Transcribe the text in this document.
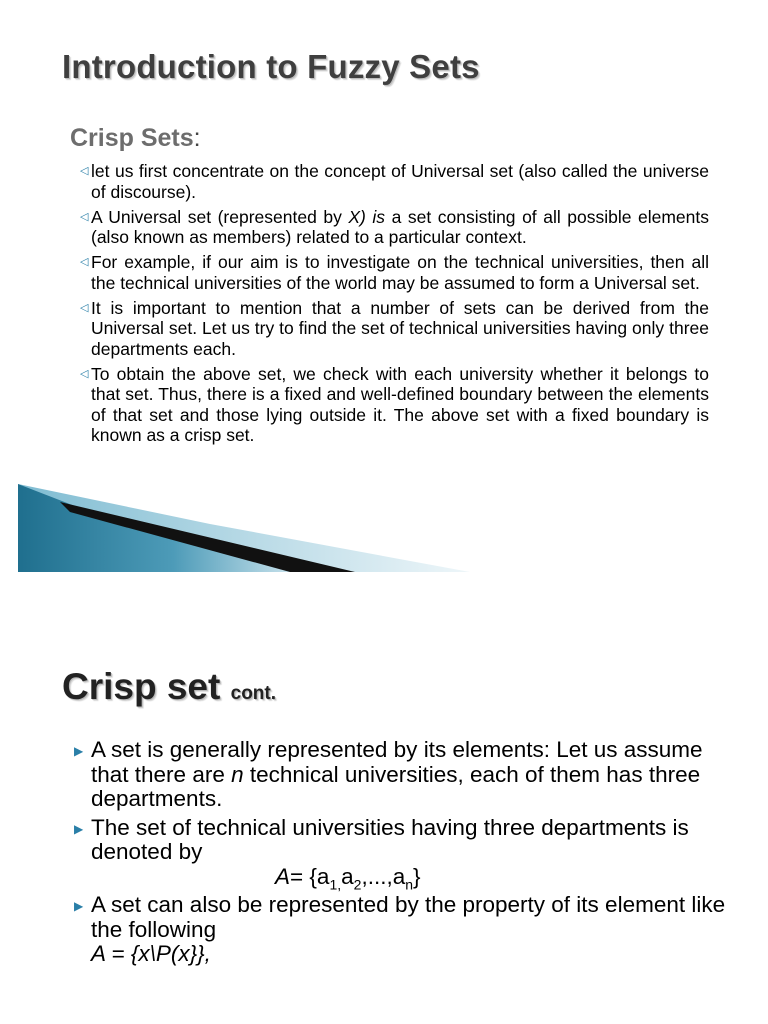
Introduction to Fuzzy Sets
Crisp Sets:
◁ let us first concentrate on the concept of Universal set (also called the universe of discourse).
◁ A Universal set (represented by X) is a set consisting of all possible elements (also known as members) related to a particular context.
◁ For example, if our aim is to investigate on the technical universities, then all the technical universities of the world may be assumed to form a Universal set.
◁ It is important to mention that a number of sets can be derived from the Universal set. Let us try to find the set of technical universities having only three departments each.
◁ To obtain the above set, we check with each university whether it belongs to that set. Thus, there is a fixed and well-defined boundary between the elements of that set and those lying outside it. The above set with a fixed boundary is known as a crisp set.
Crisp set cont.
▶ A set is generally represented by its elements: Let us assume that there are n technical universities, each of them has three departments.
▶ The set of technical universities having three departments is denoted by
$A= \{a_{1,}a_2,...,a_n\}$
▶ A set can also be represented by the property of its element like the following
A = {x\P(x}},
